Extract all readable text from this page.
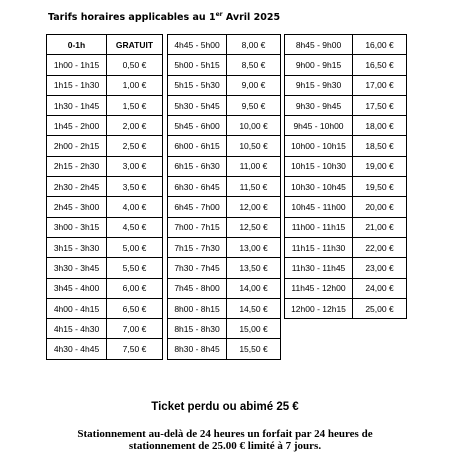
Tarifs horaires applicables au 1er Avril 2025
0-1h	GRATUIT
1h00 - 1h15	0,50 €
1h15 - 1h30	1,00 €
1h30 - 1h45	1,50 €
1h45 - 2h00	2,00 €
2h00 - 2h15	2,50 €
2h15 - 2h30	3,00 €
2h30 - 2h45	3,50 €
2h45 - 3h00	4,00 €
3h00 - 3h15	4,50 €
3h15 - 3h30	5,00 €
3h30 - 3h45	5,50 €
3h45 - 4h00	6,00 €
4h00 - 4h15	6,50 €
4h15 - 4h30	7,00 €
4h30 - 4h45	7,50 €
4h45 - 5h00	8,00 €
5h00 - 5h15	8,50 €
5h15 - 5h30	9,00 €
5h30 - 5h45	9,50 €
5h45 - 6h00	10,00 €
6h00 - 6h15	10,50 €
6h15 - 6h30	11,00 €
6h30 - 6h45	11,50 €
6h45 - 7h00	12,00 €
7h00 - 7h15	12,50 €
7h15 - 7h30	13,00 €
7h30 - 7h45	13,50 €
7h45 - 8h00	14,00 €
8h00 - 8h15	14,50 €
8h15 - 8h30	15,00 €
8h30 - 8h45	15,50 €
8h45 - 9h00	16,00 €
9h00 - 9h15	16,50 €
9h15 - 9h30	17,00 €
9h30 - 9h45	17,50 €
9h45 - 10h00	18,00 €
10h00 - 10h15	18,50 €
10h15 - 10h30	19,00 €
10h30 - 10h45	19,50 €
10h45 - 11h00	20,00 €
11h00 - 11h15	21,00 €
11h15 - 11h30	22,00 €
11h30 - 11h45	23,00 €
11h45 - 12h00	24,00 €
12h00 - 12h15	25,00 €
Ticket perdu ou abimé 25 €
Stationnement au-delà de 24 heures un forfait par 24 heures de
stationnement de 25.00 € limité à 7 jours.
